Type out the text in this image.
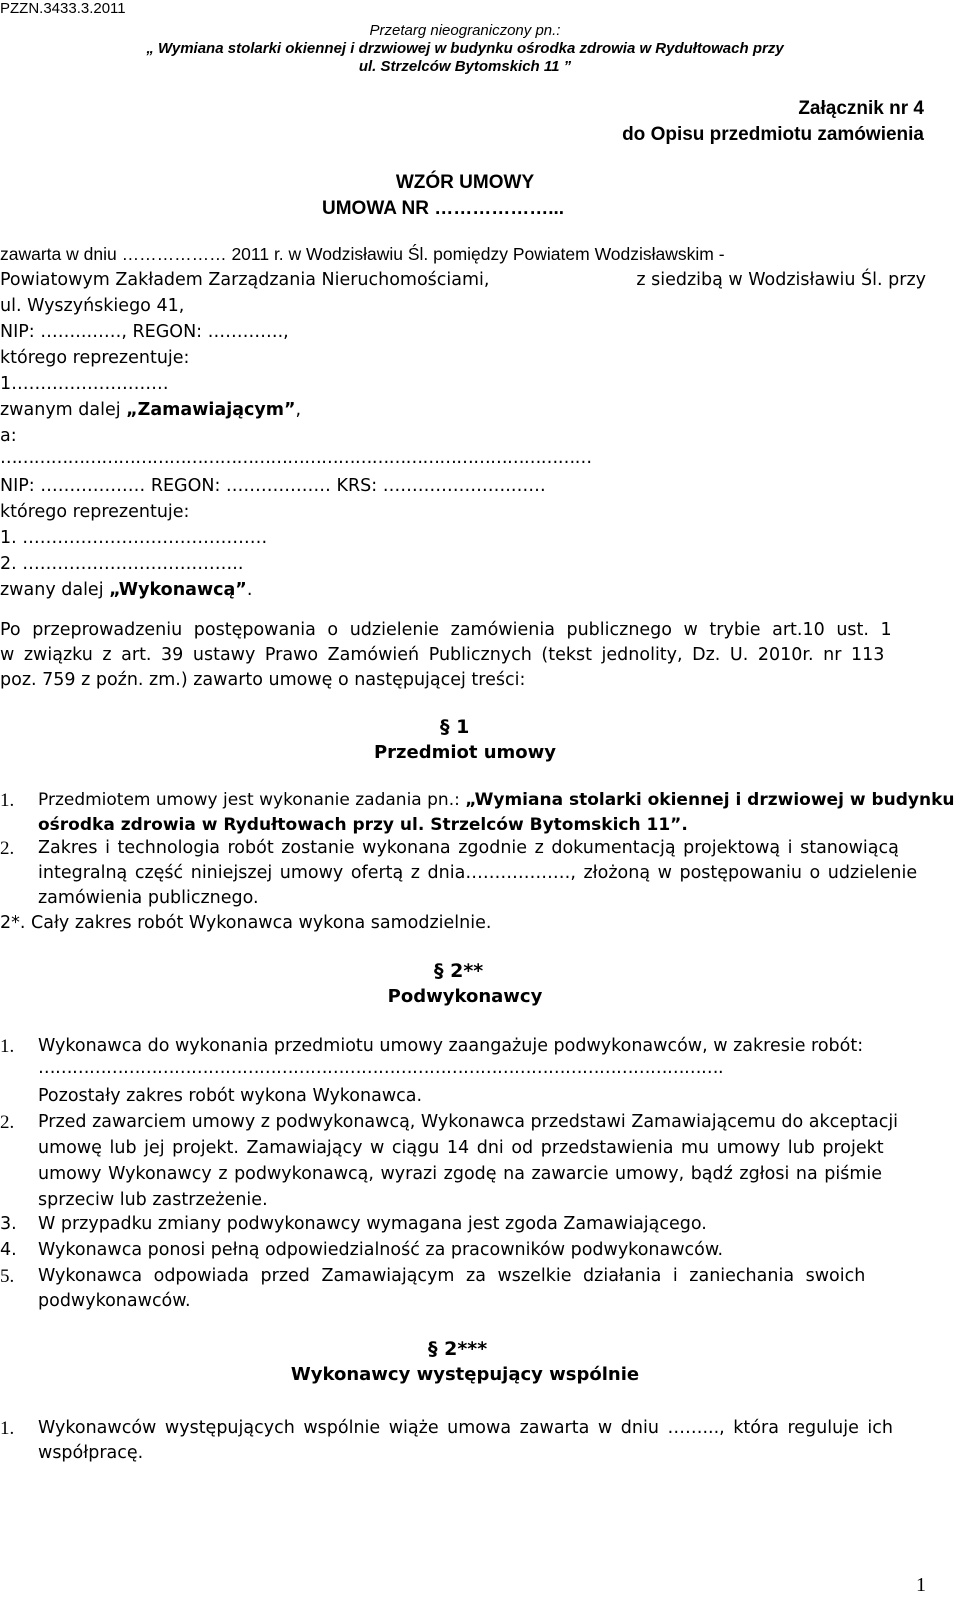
PZZN.3433.3.2011
Przetarg nieograniczony pn.:
„ Wymiana stolarki okiennej i drzwiowej w budynku ośrodka zdrowia w Rydułtowach przy
ul. Strzelców Bytomskich 11 ”
Załącznik nr 4
do Opisu przedmiotu zamówienia
WZÓR UMOWY
UMOWA NR ………………...
zawarta w dniu ……………… 2011 r. w Wodzisławiu Śl. pomiędzy Powiatem Wodzisławskim -
Powiatowym Zakładem Zarządzania Nieruchomościami,	z siedzibą w Wodzisławiu Śl. przy
ul. Wyszyńskiego 41,
NIP: ……..……, REGON: ………….,
którego reprezentuje:
1………………………
zwanym dalej „Zamawiającym”,
a:
……………………………………………………………………………………………
NIP: ……………… REGON: ……………… KRS: ………………….……
którego reprezentuje:
1. ……………………………………
2. ………………………………..
zwany dalej „Wykonawcą”.
Po przeprowadzeniu postępowania o udzielenie zamówienia publicznego w trybie art.10 ust. 1
w związku z art. 39 ustawy Prawo Zamówień Publicznych (tekst jednolity, Dz. U. 2010r. nr 113
poz. 759 z poźn. zm.) zawarto umowę o następującej treści:
§ 1
Przedmiot umowy
1. Przedmiotem umowy jest wykonanie zadania pn.: „Wymiana stolarki okiennej i drzwiowej w budynku
ośrodka zdrowia w Rydułtowach przy ul. Strzelców Bytomskich 11”.
2. Zakres i technologia robót zostanie wykonana zgodnie z dokumentacją projektową i stanowiącą
integralną część niniejszej umowy ofertą z dnia………………, złożoną w postępowaniu o udzielenie
zamówienia publicznego.
2*. Cały zakres robót Wykonawca wykona samodzielnie.
§ 2**
Podwykonawcy
1. Wykonawca do wykonania przedmiotu umowy zaangażuje podwykonawców, w zakresie robót:
………………………………………………………………………………………………………….
Pozostały zakres robót wykona Wykonawca.
2. Przed zawarciem umowy z podwykonawcą, Wykonawca przedstawi Zamawiającemu do akceptacji
umowę lub jej projekt. Zamawiający w ciągu 14 dni od przedstawienia mu umowy lub projekt
umowy Wykonawcy z podwykonawcą, wyrazi zgodę na zawarcie umowy, bądź zgłosi na piśmie
sprzeciw lub zastrzeżenie.
3. W przypadku zmiany podwykonawcy wymagana jest zgoda Zamawiającego.
4. Wykonawca ponosi pełną odpowiedzialność za pracowników podwykonawców.
5. Wykonawca odpowiada przed Zamawiającym za wszelkie działania i zaniechania swoich
podwykonawców.
§ 2***
Wykonawcy występujący wspólnie
1. Wykonawców występujących wspólnie wiąże umowa zawarta w dniu ……..., która reguluje ich
współpracę.
1
